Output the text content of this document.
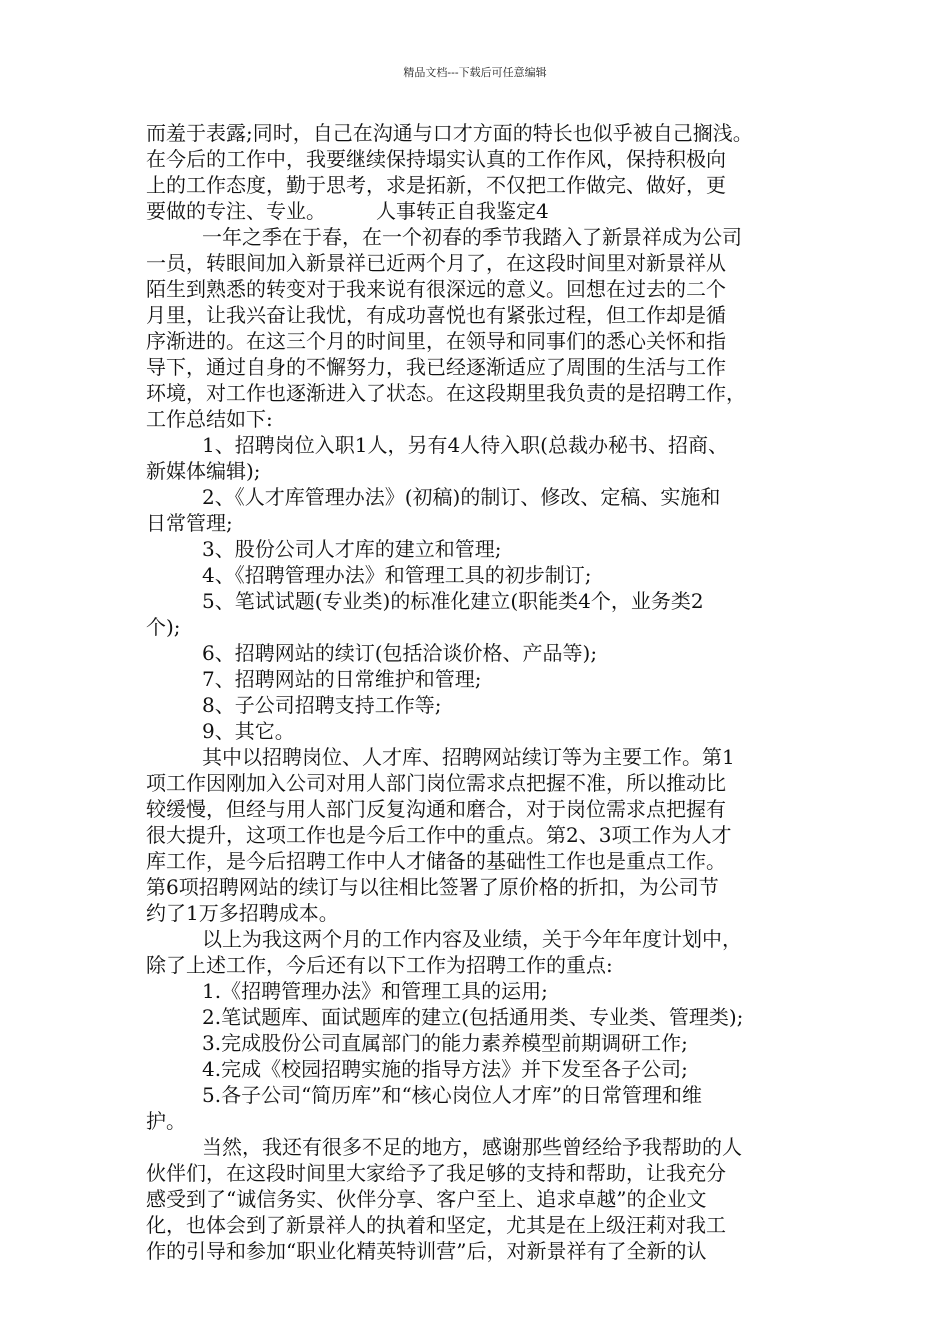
精品文档---下载后可任意编辑
而羞于表露;同时，自己在沟通与口才方面的特长也似乎被自己搁浅。
在今后的工作中，我要继续保持塌实认真的工作作风，保持积极向
上的工作态度，勤于思考，求是拓新，不仅把工作做完、做好，更
要做的专注、专业。　　　人事转正自我鉴定4
一年之季在于春，在一个初春的季节我踏入了新景祥成为公司
一员，转眼间加入新景祥已近两个月了，在这段时间里对新景祥从
陌生到熟悉的转变对于我来说有很深远的意义。回想在过去的二个
月里，让我兴奋让我忧，有成功喜悦也有紧张过程，但工作却是循
序渐进的。在这三个月的时间里，在领导和同事们的悉心关怀和指
导下，通过自身的不懈努力，我已经逐渐适应了周围的生活与工作
环境，对工作也逐渐进入了状态。在这段期里我负责的是招聘工作，
工作总结如下:
1、招聘岗位入职1人，另有4人待入职(总裁办秘书、招商、
新媒体编辑);
2、《人才库管理办法》(初稿)的制订、修改、定稿、实施和
日常管理;
3、股份公司人才库的建立和管理;
4、《招聘管理办法》和管理工具的初步制订;
5、笔试试题(专业类)的标准化建立(职能类4个，业务类2
个);
6、招聘网站的续订(包括洽谈价格、产品等);
7、招聘网站的日常维护和管理;
8、子公司招聘支持工作等;
9、其它。
其中以招聘岗位、人才库、招聘网站续订等为主要工作。第1
项工作因刚加入公司对用人部门岗位需求点把握不准，所以推动比
较缓慢，但经与用人部门反复沟通和磨合，对于岗位需求点把握有
很大提升，这项工作也是今后工作中的重点。第2、3项工作为人才
库工作，是今后招聘工作中人才储备的基础性工作也是重点工作。
第6项招聘网站的续订与以往相比签署了原价格的折扣，为公司节
约了1万多招聘成本。
以上为我这两个月的工作内容及业绩，关于今年年度计划中，
除了上述工作，今后还有以下工作为招聘工作的重点:
1.《招聘管理办法》和管理工具的运用;
2.笔试题库、面试题库的建立(包括通用类、专业类、管理类);
3.完成股份公司直属部门的能力素养模型前期调研工作;
4.完成《校园招聘实施的指导方法》并下发至各子公司;
5.各子公司“简历库”和“核心岗位人才库”的日常管理和维
护。
当然，我还有很多不足的地方，感谢那些曾经给予我帮助的人
伙伴们，在这段时间里大家给予了我足够的支持和帮助，让我充分
感受到了“诚信务实、伙伴分享、客户至上、追求卓越”的企业文
化，也体会到了新景祥人的执着和坚定，尤其是在上级汪莉对我工
作的引导和参加“职业化精英特训营”后，对新景祥有了全新的认
